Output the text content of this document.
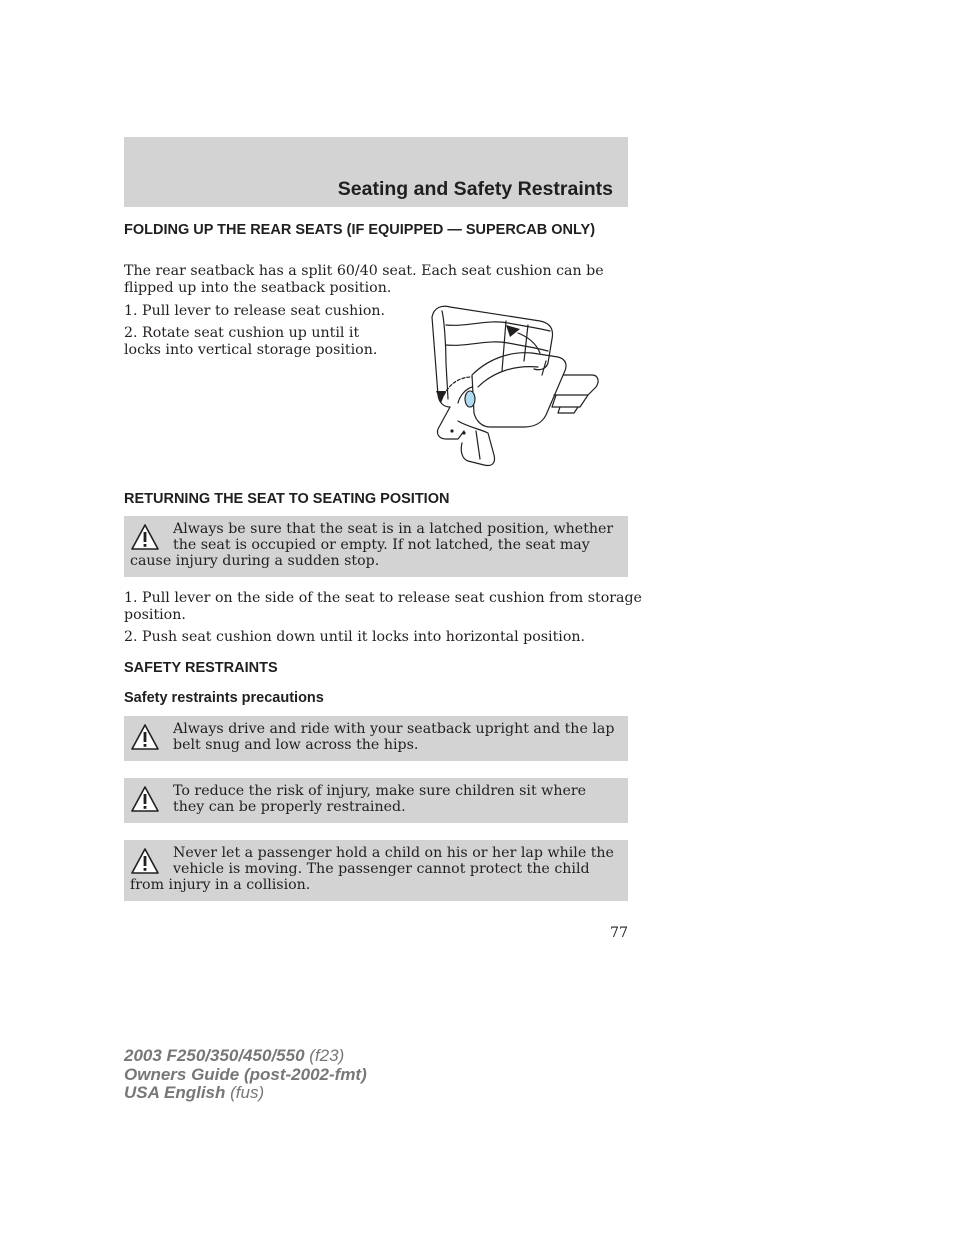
Seating and Safety Restraints
FOLDING UP THE REAR SEATS (IF EQUIPPED — SUPERCAB ONLY)

The rear seatback has a split 60/40 seat. Each seat cushion can be

flipped up into the seatback position.

1. Pull lever to release seat cushion.

2. Rotate seat cushion up until it

locks into vertical storage position.

RETURNING THE SEAT TO SEATING POSITION

Always be sure that the seat is in a latched position, whether the seat is occupied or empty. If not latched, the seat may cause injury during a sudden stop.

1. Pull lever on the side of the seat to release seat cushion from storage

position.

2. Push seat cushion down until it locks into horizontal position.

SAFETY RESTRAINTS
Safety restraints precautions

Always drive and ride with your seatback upright and the lap belt snug and low across the hips.

To reduce the risk of injury, make sure children sit where they can be properly restrained.

Never let a passenger hold a child on his or her lap while the vehicle is moving. The passenger cannot protect the child from injury in a collision.

77
2003 F250/350/450/550 (f23)
Owners Guide (post-2002-fmt)
USA English (fus)
